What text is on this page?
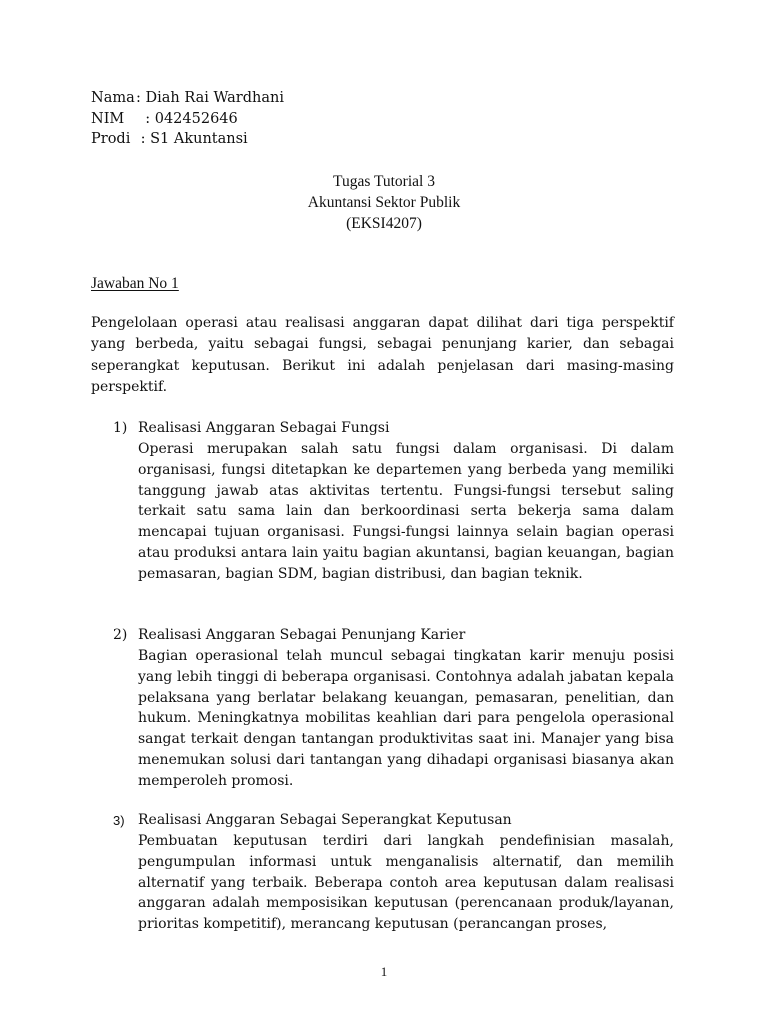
Nama: Diah Rai Wardhani
NIM  : 042452646
Prodi : S1 Akuntansi
Tugas Tutorial 3
Akuntansi Sektor Publik
(EKSI4207)
Jawaban No 1
Pengelolaan operasi atau realisasi anggaran dapat dilihat dari tiga perspektif yang berbeda, yaitu sebagai fungsi, sebagai penunjang karier, dan sebagai seperangkat keputusan. Berikut ini adalah penjelasan dari masing-masing perspektif.
1) Realisasi Anggaran Sebagai Fungsi
Operasi merupakan salah satu fungsi dalam organisasi. Di dalam organisasi, fungsi ditetapkan ke departemen yang berbeda yang memiliki tanggung jawab atas aktivitas tertentu. Fungsi-fungsi tersebut saling terkait satu sama lain dan berkoordinasi serta bekerja sama dalam mencapai tujuan organisasi. Fungsi-fungsi lainnya selain bagian operasi atau produksi antara lain yaitu bagian akuntansi, bagian keuangan, bagian pemasaran, bagian SDM, bagian distribusi, dan bagian teknik.
2) Realisasi Anggaran Sebagai Penunjang Karier
Bagian operasional telah muncul sebagai tingkatan karir menuju posisi yang lebih tinggi di beberapa organisasi. Contohnya adalah jabatan kepala pelaksana yang berlatar belakang keuangan, pemasaran, penelitian, dan hukum. Meningkatnya mobilitas keahlian dari para pengelola operasional sangat terkait dengan tantangan produktivitas saat ini. Manajer yang bisa menemukan solusi dari tantangan yang dihadapi organisasi biasanya akan memperoleh promosi.
3) Realisasi Anggaran Sebagai Seperangkat Keputusan
Pembuatan keputusan terdiri dari langkah pendefinisian masalah, pengumpulan informasi untuk menganalisis alternatif, dan memilih alternatif yang terbaik. Beberapa contoh area keputusan dalam realisasi anggaran adalah memposisikan keputusan (perencanaan produk/layanan, prioritas kompetitif), merancang keputusan (perancangan proses,
1
